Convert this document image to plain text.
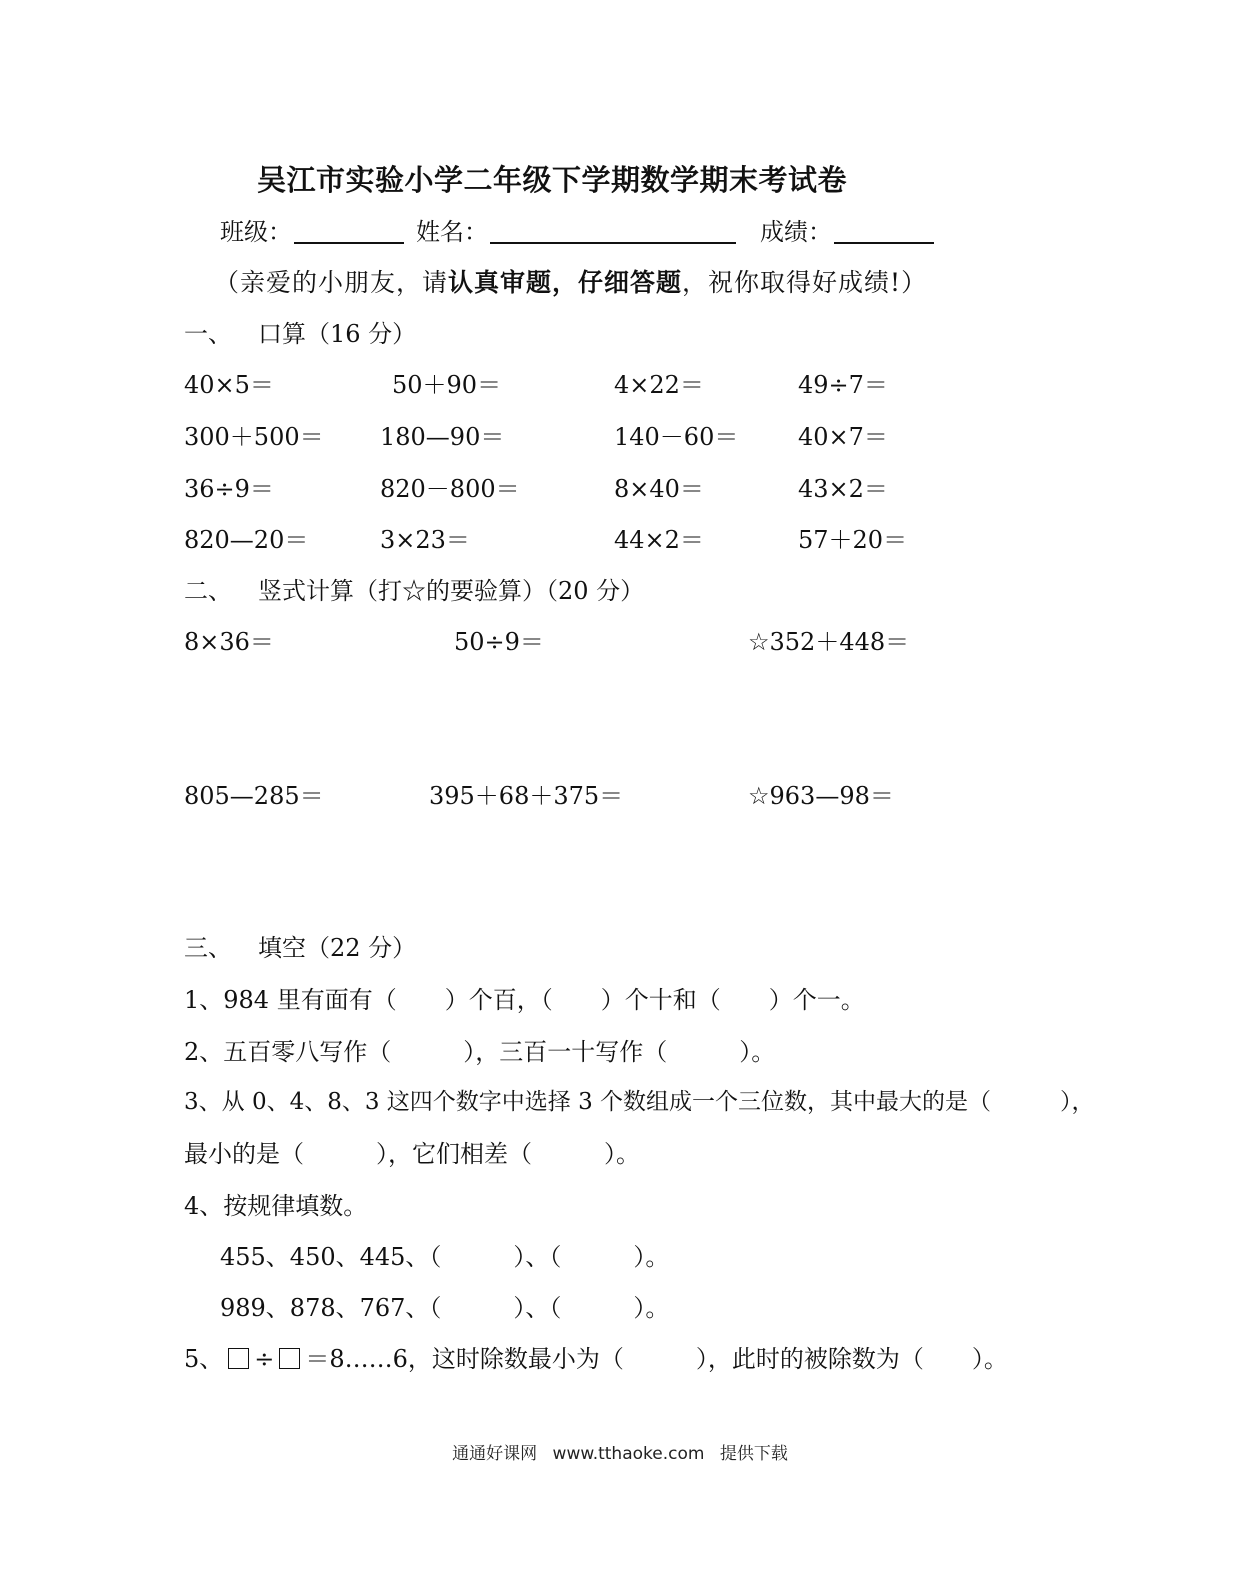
吴江市实验小学二年级下学期数学期末考试卷
班级：	姓名：	成绩：
（亲爱的小朋友，请认真审题，仔细答题，祝你取得好成绩!）
一、 口算（16 分）
40×5＝	50＋90＝	4×22＝	49÷7＝
300＋500＝ 180—90＝	140－60＝ 40×7＝
36÷9＝	820－800＝	8×40＝	43×2＝
820—20＝	3×23＝	44×2＝	57＋20＝
二、 竖式计算（打☆的要验算）（20 分）
8×36＝	50÷9＝	☆352＋448＝
805—285＝	395＋68＋375＝	☆963—98＝
三、 填空（22 分）
1、984 里有面有（　　）个百，（　　）个十和（　　）个一。
2、五百零八写作（　　　），三百一十写作（　　　）。
3、从 0、4、8、3 这四个数字中选择 3 个数组成一个三位数，其中最大的是（　　　），
最小的是（　　　），它们相差（　　　）。
4、按规律填数。
455、450、445、（　　　）、（　　　）。
989、878、767、（　　　）、（　　　）。
5、 ÷ ＝8……6，这时除数最小为（　　　），此时的被除数为（　　）。
通通好课网 www.tthaoke.com 提供下载
